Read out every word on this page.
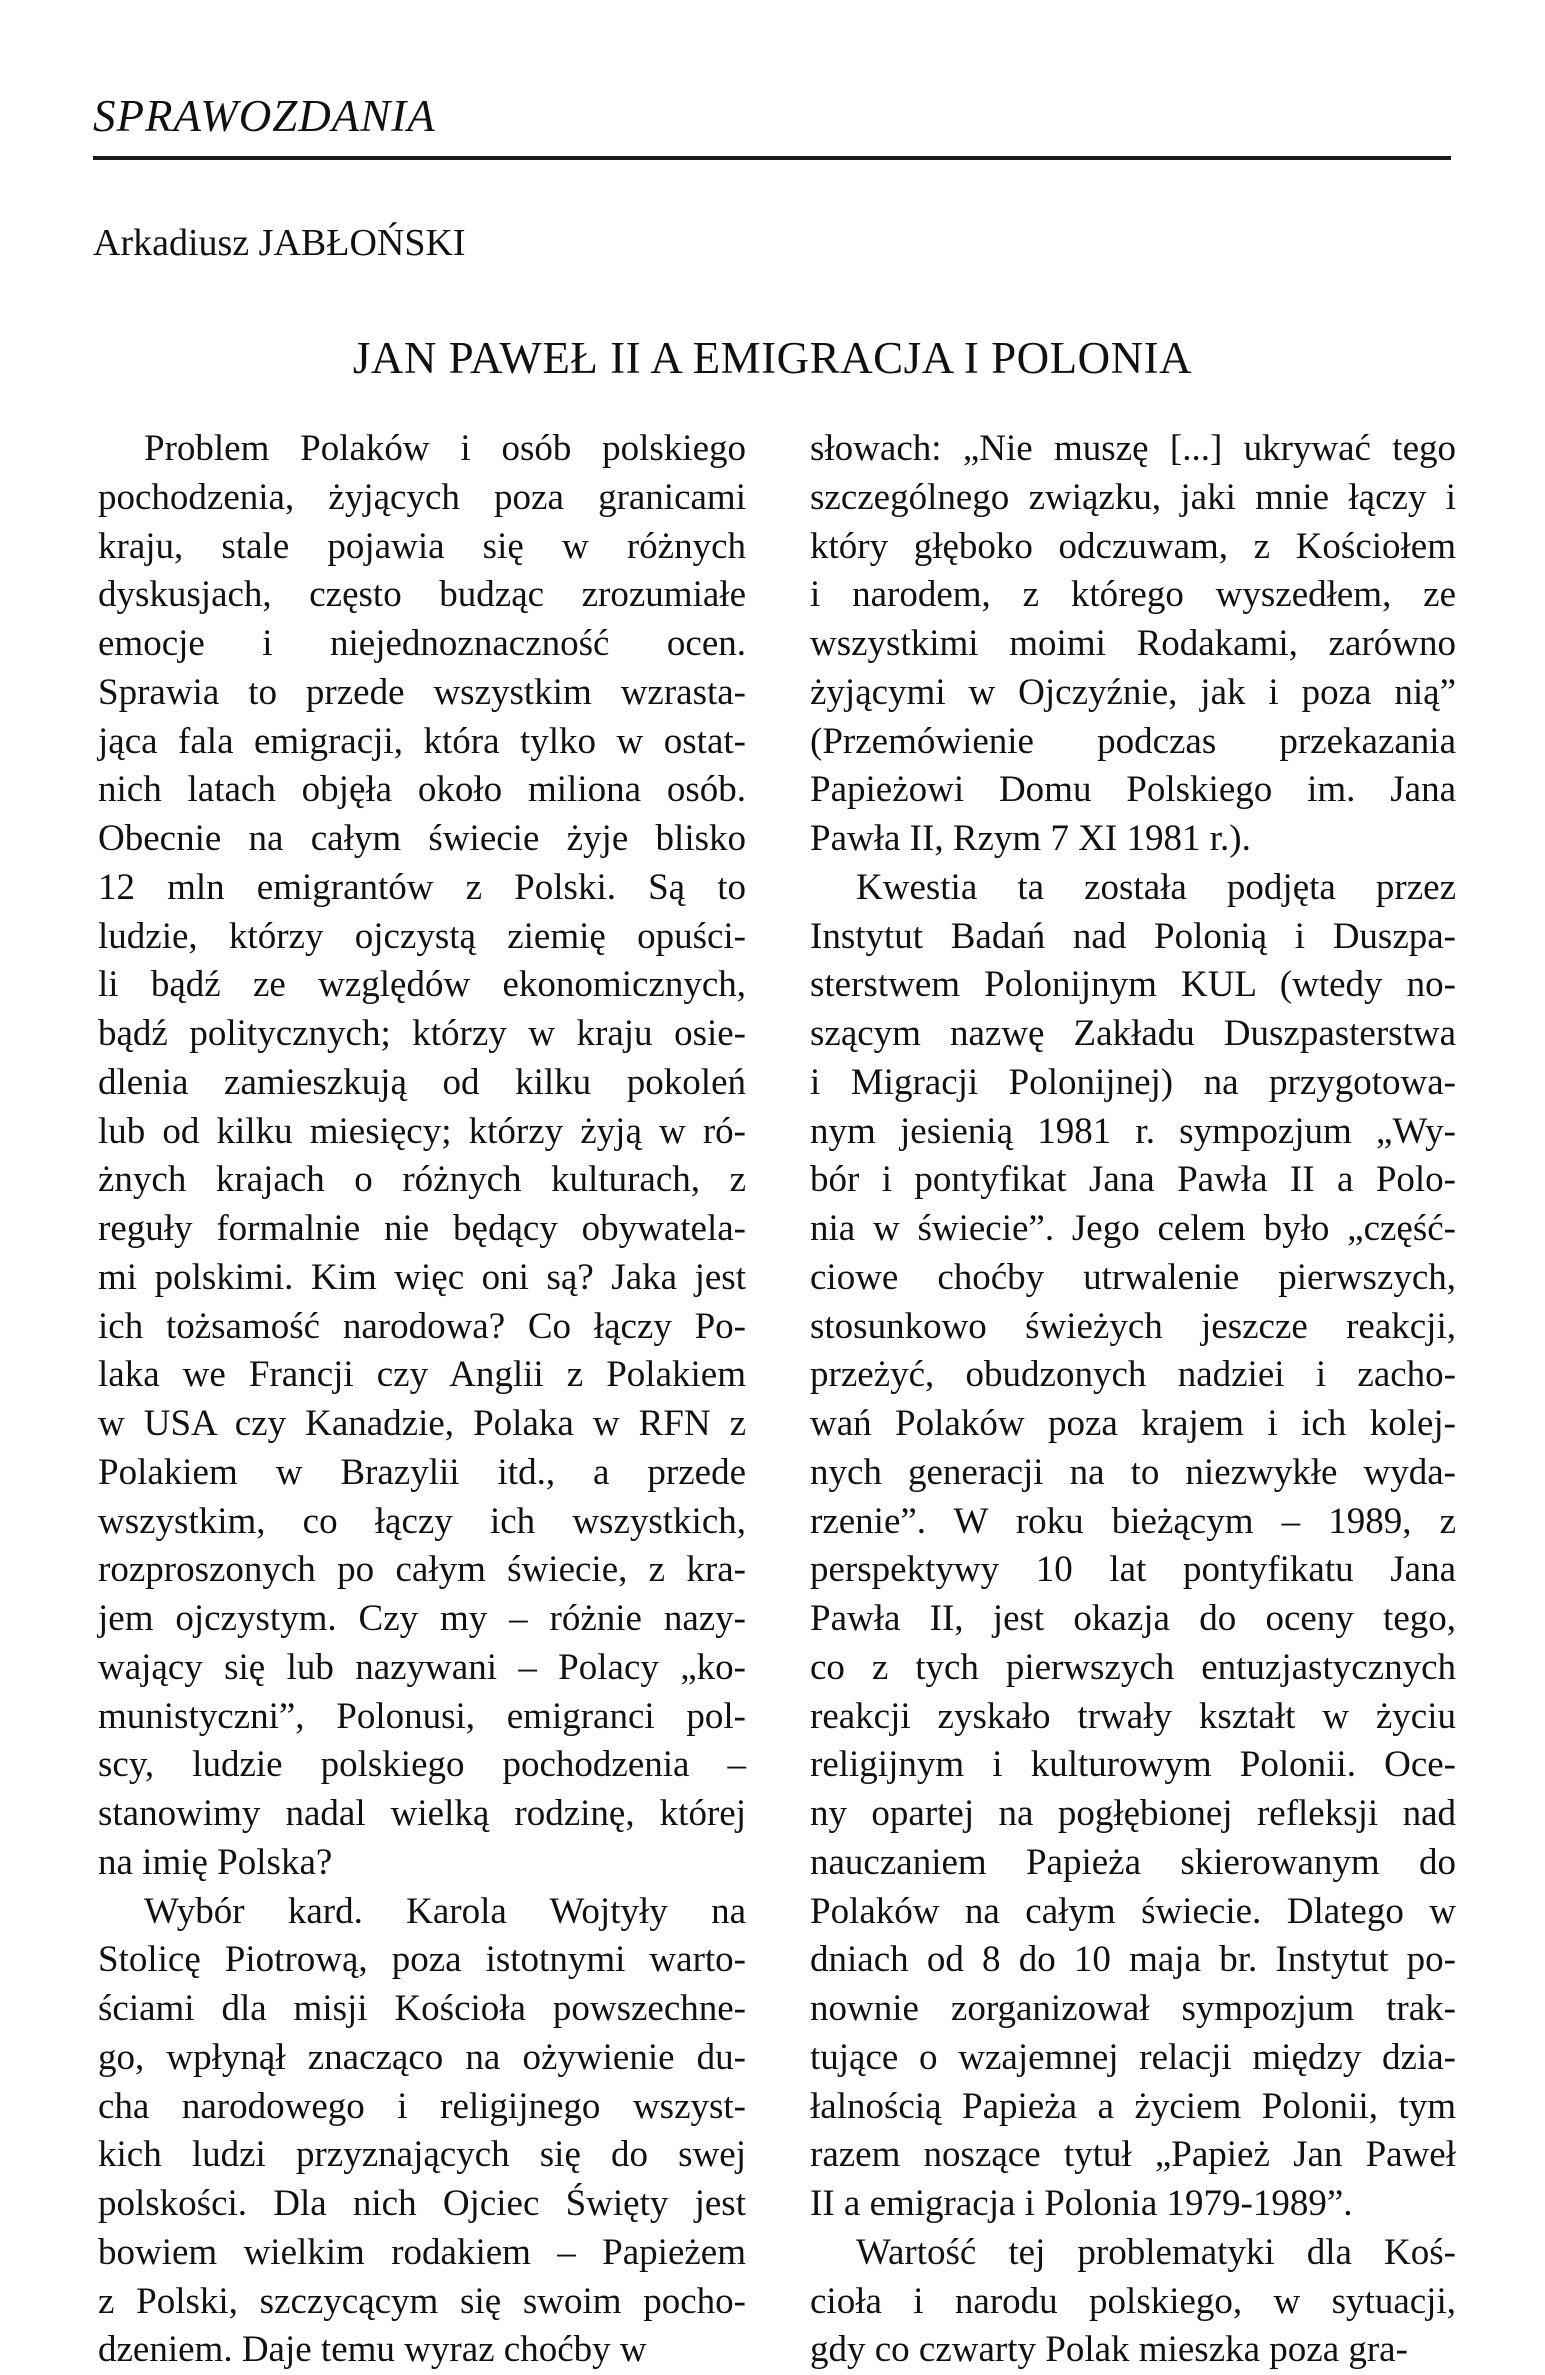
SPRAWOZDANIA
Arkadiusz JABŁOŃSKI
JAN PAWEŁ II A EMIGRACJA I POLONIA

Problem Polaków i osób polskiego
pochodzenia, żyjących poza granicami
kraju, stale pojawia się w różnych
dyskusjach, często budząc zrozumiałe
emocje i niejednoznaczność ocen.
Sprawia to przede wszystkim wzrasta-
jąca fala emigracji, która tylko w ostat-
nich latach objęła około miliona osób.
Obecnie na całym świecie żyje blisko
12 mln emigrantów z Polski. Są to
ludzie, którzy ojczystą ziemię opuści-
li bądź ze względów ekonomicznych,
bądź politycznych; którzy w kraju osie-
dlenia zamieszkują od kilku pokoleń
lub od kilku miesięcy; którzy żyją w ró-
żnych krajach o różnych kulturach, z
reguły formalnie nie będący obywatela-
mi polskimi. Kim więc oni są? Jaka jest
ich tożsamość narodowa? Co łączy Po-
laka we Francji czy Anglii z Polakiem
w USA czy Kanadzie, Polaka w RFN z
Polakiem w Brazylii itd., a przede
wszystkim, co łączy ich wszystkich,
rozproszonych po całym świecie, z kra-
jem ojczystym. Czy my – różnie nazy-
wający się lub nazywani – Polacy „ko-
munistyczni”, Polonusi, emigranci pol-
scy, ludzie polskiego pochodzenia –
stanowimy nadal wielką rodzinę, której
na imię Polska?

Wybór kard. Karola Wojtyły na
Stolicę Piotrową, poza istotnymi warto-
ściami dla misji Kościoła powszechne-
go, wpłynął znacząco na ożywienie du-
cha narodowego i religijnego wszyst-
kich ludzi przyznających się do swej
polskości. Dla nich Ojciec Święty jest
bowiem wielkim rodakiem – Papieżem
z Polski, szczycącym się swoim pocho-
dzeniem. Daje temu wyraz choćby w

słowach: „Nie muszę [...] ukrywać tego
szczególnego związku, jaki mnie łączy i
który głęboko odczuwam, z Kościołem
i narodem, z którego wyszedłem, ze
wszystkimi moimi Rodakami, zarówno
żyjącymi w Ojczyźnie, jak i poza nią”
(Przemówienie podczas przekazania
Papieżowi Domu Polskiego im. Jana
Pawła II, Rzym 7 XI 1981 r.).

Kwestia ta została podjęta przez
Instytut Badań nad Polonią i Duszpa-
sterstwem Polonijnym KUL (wtedy no-
szącym nazwę Zakładu Duszpasterstwa
i Migracji Polonijnej) na przygotowa-
nym jesienią 1981 r. sympozjum „Wy-
bór i pontyfikat Jana Pawła II a Polo-
nia w świecie”. Jego celem było „część-
ciowe choćby utrwalenie pierwszych,
stosunkowo świeżych jeszcze reakcji,
przeżyć, obudzonych nadziei i zacho-
wań Polaków poza krajem i ich kolej-
nych generacji na to niezwykłe wyda-
rzenie”. W roku bieżącym – 1989, z
perspektywy 10 lat pontyfikatu Jana
Pawła II, jest okazja do oceny tego,
co z tych pierwszych entuzjastycznych
reakcji zyskało trwały kształt w życiu
religijnym i kulturowym Polonii. Oce-
ny opartej na pogłębionej refleksji nad
nauczaniem Papieża skierowanym do
Polaków na całym świecie. Dlatego w
dniach od 8 do 10 maja br. Instytut po-
nownie zorganizował sympozjum trak-
tujące o wzajemnej relacji między dzia-
łalnością Papieża a życiem Polonii, tym
razem noszące tytuł „Papież Jan Paweł
II a emigracja i Polonia 1979-1989”.

Wartość tej problematyki dla Koś-
cioła i narodu polskiego, w sytuacji,
gdy co czwarty Polak mieszka poza gra-
